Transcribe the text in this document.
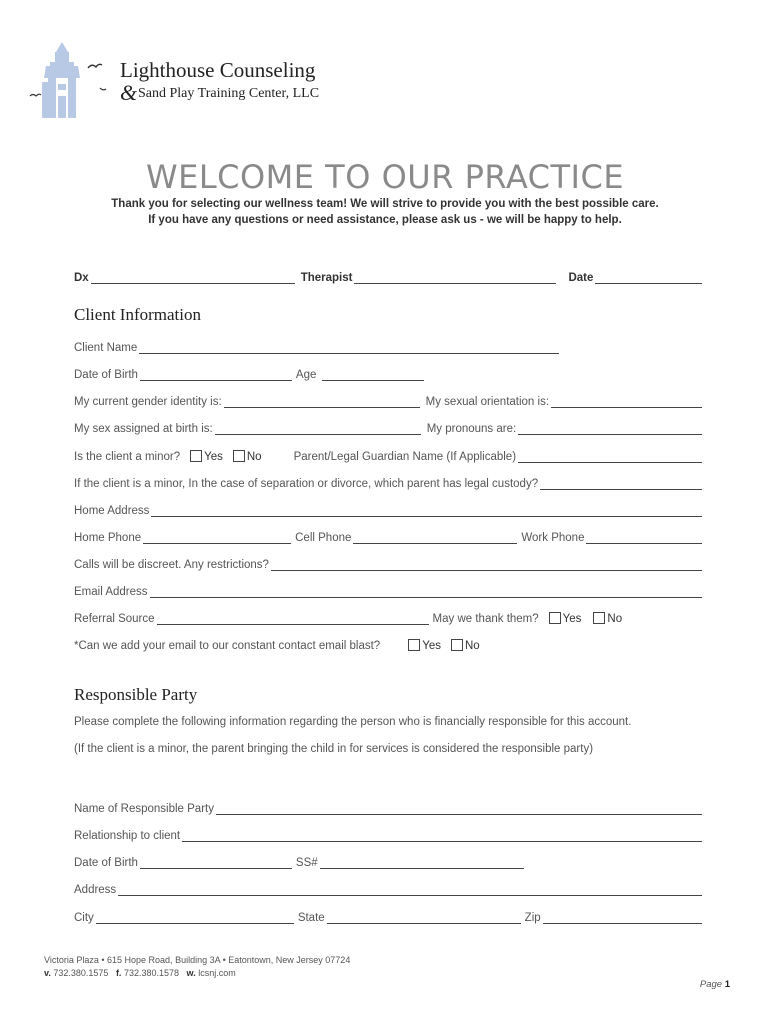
Lighthouse Counseling
& Sand Play Training Center, LLC
WELCOME TO OUR PRACTICE
Thank you for selecting our wellness team! We will strive to provide you with the best possible care.
If you have any questions or need assistance, please ask us - we will be happy to help.
Dx	Therapist	Date
Client Information
Client Name
Date of Birth	Age
My current gender identity is:	My sexual orientation is:
My sex assigned at birth is:	My pronouns are:
Is the client a minor? Yes No	Parent/Legal Guardian Name (If Applicable)
If the client is a minor, In the case of separation or divorce, which parent has legal custody?
Home Address
Home Phone	Cell Phone	Work Phone
Calls will be discreet. Any restrictions?
Email Address
Referral Source	May we thank them? Yes No
*Can we add your email to our constant contact email blast?	Yes No
Responsible Party
Please complete the following information regarding the person who is financially responsible for this account.
(If the client is a minor, the parent bringing the child in for services is considered the responsible party)
Name of Responsible Party
Relationship to client
Date of Birth	SS#
Address
City	State	Zip
Victoria Plaza • 615 Hope Road, Building 3A • Eatontown, New Jersey 07724
v. 732.380.1575 f. 732.380.1578 w. lcsnj.com
Page 1
